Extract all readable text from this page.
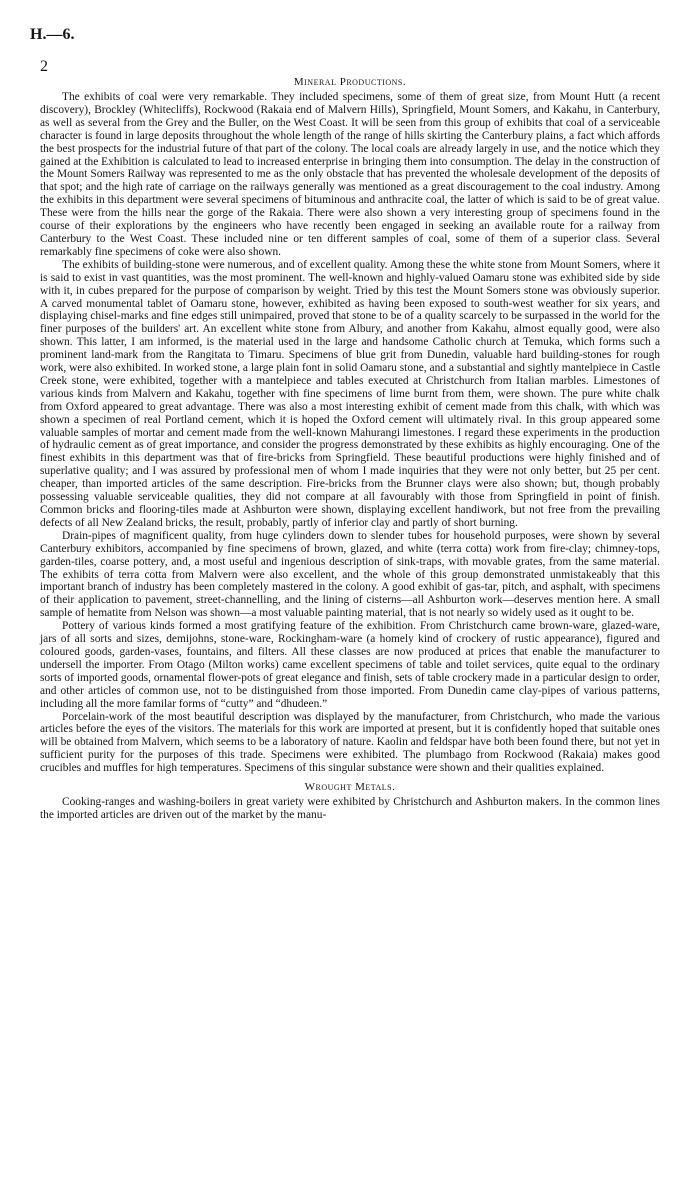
H.—6.
2
Mineral Productions.

The exhibits of coal were very remarkable. They included specimens, some of them of great size, from Mount Hutt (a recent discovery), Brockley (Whitecliffs), Rockwood (Rakaia end of Malvern Hills), Springfield, Mount Somers, and Kakahu, in Canterbury, as well as several from the Grey and the Buller, on the West Coast. It will be seen from this group of exhibits that coal of a serviceable character is found in large deposits throughout the whole length of the range of hills skirting the Canterbury plains, a fact which affords the best prospects for the industrial future of that part of the colony. The local coals are already largely in use, and the notice which they gained at the Exhibition is calculated to lead to increased enterprise in bringing them into consumption. The delay in the construction of the Mount Somers Railway was represented to me as the only obstacle that has prevented the wholesale development of the deposits of that spot; and the high rate of carriage on the railways generally was mentioned as a great discouragement to the coal industry. Among the exhibits in this department were several specimens of bituminous and anthracite coal, the latter of which is said to be of great value. These were from the hills near the gorge of the Rakaia. There were also shown a very interesting group of specimens found in the course of their explorations by the engineers who have recently been engaged in seeking an available route for a railway from Canterbury to the West Coast. These included nine or ten different samples of coal, some of them of a superior class. Several remarkably fine specimens of coke were also shown.

The exhibits of building-stone were numerous, and of excellent quality. Among these the white stone from Mount Somers, where it is said to exist in vast quantities, was the most prominent. The well-known and highly-valued Oamaru stone was exhibited side by side with it, in cubes prepared for the purpose of comparison by weight. Tried by this test the Mount Somers stone was obviously superior. A carved monumental tablet of Oamaru stone, however, exhibited as having been exposed to south-west weather for six years, and displaying chisel-marks and fine edges still unimpaired, proved that stone to be of a quality scarcely to be surpassed in the world for the finer purposes of the builders' art. An excellent white stone from Albury, and another from Kakahu, almost equally good, were also shown. This latter, I am informed, is the material used in the large and handsome Catholic church at Temuka, which forms such a prominent land-mark from the Rangitata to Timaru. Specimens of blue grit from Dunedin, valuable hard building-stones for rough work, were also exhibited. In worked stone, a large plain font in solid Oamaru stone, and a substantial and sightly mantelpiece in Castle Creek stone, were exhibited, together with a mantelpiece and tables executed at Christchurch from Italian marbles. Limestones of various kinds from Malvern and Kakahu, together with fine specimens of lime burnt from them, were shown. The pure white chalk from Oxford appeared to great advantage. There was also a most interesting exhibit of cement made from this chalk, with which was shown a specimen of real Portland cement, which it is hoped the Oxford cement will ultimately rival. In this group appeared some valuable samples of mortar and cement made from the well-known Mahurangi limestones. I regard these experiments in the production of hydraulic cement as of great importance, and consider the progress demonstrated by these exhibits as highly encouraging. One of the finest exhibits in this department was that of fire-bricks from Springfield. These beautiful productions were highly finished and of superlative quality; and I was assured by professional men of whom I made inquiries that they were not only better, but 25 per cent. cheaper, than imported articles of the same description. Fire-bricks from the Brunner clays were also shown; but, though probably possessing valuable serviceable qualities, they did not compare at all favourably with those from Springfield in point of finish. Common bricks and flooring-tiles made at Ashburton were shown, displaying excellent handiwork, but not free from the prevailing defects of all New Zealand bricks, the result, probably, partly of inferior clay and partly of short burning.

Drain-pipes of magnificent quality, from huge cylinders down to slender tubes for household purposes, were shown by several Canterbury exhibitors, accompanied by fine specimens of brown, glazed, and white (terra cotta) work from fire-clay; chimney-tops, garden-tiles, coarse pottery, and, a most useful and ingenious description of sink-traps, with movable grates, from the same material. The exhibits of terra cotta from Malvern were also excellent, and the whole of this group demonstrated unmistakeably that this important branch of industry has been completely mastered in the colony. A good exhibit of gas-tar, pitch, and asphalt, with specimens of their application to pavement, street-channelling, and the lining of cisterns—all Ashburton work—deserves mention here. A small sample of hematite from Nelson was shown—a most valuable painting material, that is not nearly so widely used as it ought to be.

Pottery of various kinds formed a most gratifying feature of the exhibition. From Christchurch came brown-ware, glazed-ware, jars of all sorts and sizes, demijohns, stone-ware, Rockingham-ware (a homely kind of crockery of rustic appearance), figured and coloured goods, garden-vases, fountains, and filters. All these classes are now produced at prices that enable the manufacturer to undersell the importer. From Otago (Milton works) came excellent specimens of table and toilet services, quite equal to the ordinary sorts of imported goods, ornamental flower-pots of great elegance and finish, sets of table crockery made in a particular design to order, and other articles of common use, not to be distinguished from those imported. From Dunedin came clay-pipes of various patterns, including all the more familar forms of “cutty” and “dhudeen.”

Porcelain-work of the most beautiful description was displayed by the manufacturer, from Christchurch, who made the various articles before the eyes of the visitors. The materials for this work are imported at present, but it is confidently hoped that suitable ones will be obtained from Malvern, which seems to be a laboratory of nature. Kaolin and feldspar have both been found there, but not yet in sufficient purity for the purposes of this trade. Specimens were exhibited. The plumbago from Rockwood (Rakaia) makes good crucibles and muffles for high temperatures. Specimens of this singular substance were shown and their qualities explained.

Wrought Metals.

Cooking-ranges and washing-boilers in great variety were exhibited by Christchurch and Ashburton makers. In the common lines the imported articles are driven out of the market by the manu-
